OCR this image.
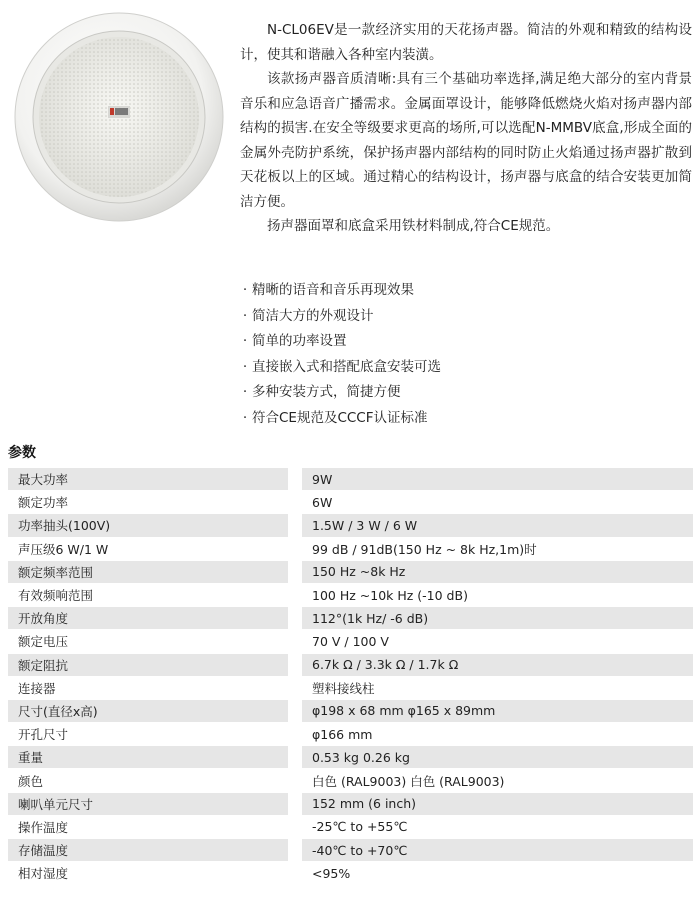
N-CL06EV是一款经济实用的天花扬声器。简洁的外观和精致的结构设计，使其和谐融入各种室内装潢。

该款扬声器音质清晰:具有三个基础功率选择,满足绝大部分的室内背景音乐和应急语音广播需求。金属面罩设计，能够降低燃烧火焰对扬声器内部结构的损害.在安全等级要求更高的场所,可以选配N-MMBV底盒,形成全面的金属外壳防护系统，保护扬声器内部结构的同时防止火焰通过扬声器扩散到天花板以上的区域。通过精心的结构设计，扬声器与底盒的结合安装更加简洁方便。

扬声器面罩和底盒采用铁材料制成,符合CE规范。

· 精晰的语音和音乐再现效果
· 简洁大方的外观设计
· 简单的功率设置
· 直接嵌入式和搭配底盒安装可选
· 多种安装方式，简捷方便
· 符合CE规范及CCCF认证标准
参数
最大功率		9W
额定功率		6W
功率抽头(100V)		1.5W / 3 W / 6 W
声压级6 W/1 W		99 dB / 91dB(150 Hz ~ 8k Hz,1m)时
额定频率范围		150 Hz ~8k Hz
有效频响范围		100 Hz ~10k Hz (-10 dB)
开放角度		112°(1k Hz/ -6 dB)
额定电压		70 V / 100 V
额定阻抗		6.7k Ω / 3.3k Ω / 1.7k Ω
连接器		塑料接线柱
尺寸(直径x高)		φ198 x 68 mm φ165 x 89mm
开孔尺寸		φ166 mm
重量		0.53 kg 0.26 kg
颜色		白色 (RAL9003) 白色 (RAL9003)
喇叭单元尺寸		152 mm (6 inch)
操作温度		-25℃ to +55℃
存储温度		-40℃ to +70℃
相对湿度		<95%
